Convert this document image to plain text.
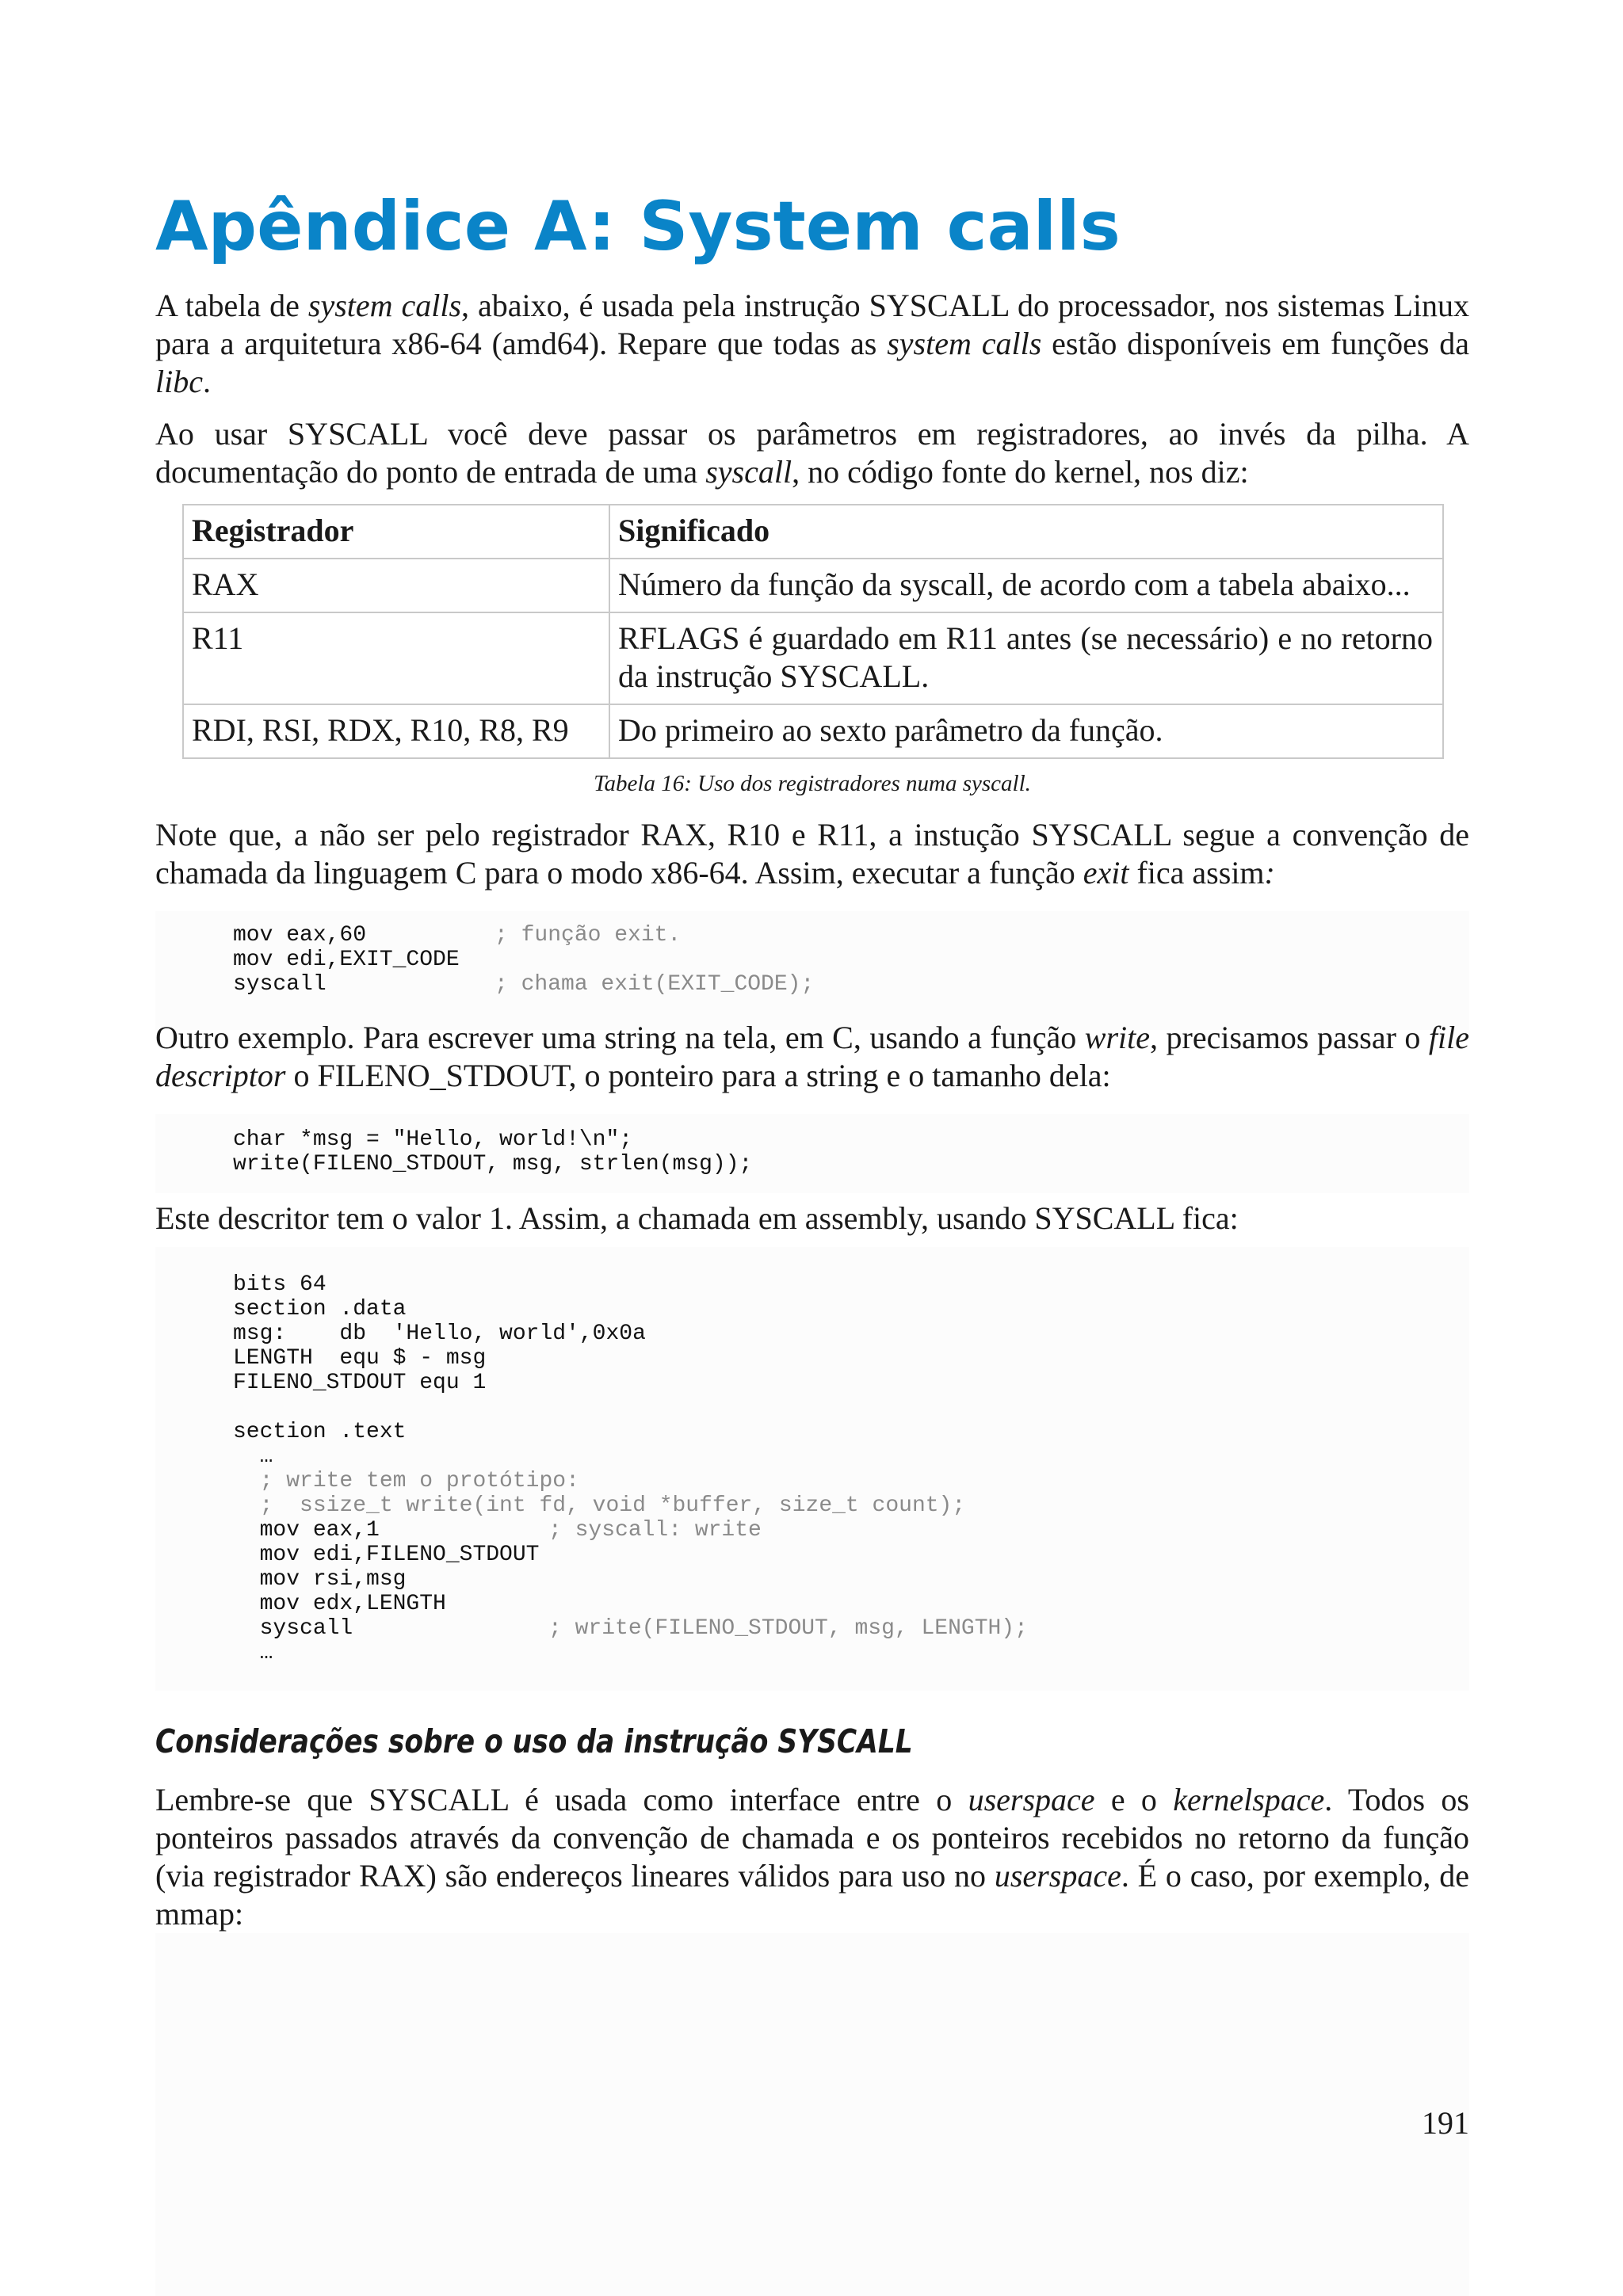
Apêndice A: System calls

A tabela de system calls, abaixo, é usada pela instrução SYSCALL do processador, nos sistemas Linux para a arquitetura x86-64 (amd64). Repare que todas as system calls estão disponíveis em funções da libc.

Ao usar SYSCALL você deve passar os parâmetros em registradores, ao invés da pilha. A documentação do ponto de entrada de uma syscall, no código fonte do kernel, nos diz:

Registrador	Significado
RAX	Número da função da syscall, de acordo com a tabela abaixo...
R11	RFLAGS é guardado em R11 antes (se necessário) e no retorno da instrução SYSCALL.
RDI, RSI, RDX, R10, R8, R9	Do primeiro ao sexto parâmetro da função.
Tabela 16: Uso dos registradores numa syscall.

Note que, a não ser pelo registrador RAX, R10 e R11, a instução SYSCALL segue a convenção de chamada da linguagem C para o modo x86-64. Assim, executar a função exit fica assim:

mov eax,60	; função exit.
mov edi,EXIT_CODE
syscall	; chama exit(EXIT_CODE);

Outro exemplo. Para escrever uma string na tela, em C, usando a função write, precisamos passar o file descriptor o FILENO_STDOUT, o ponteiro para a string e o tamanho dela:

char *msg = "Hello, world!\n";
write(FILENO_STDOUT, msg, strlen(msg));

Este descritor tem o valor 1. Assim, a chamada em assembly, usando SYSCALL fica:

bits 64
section .data
msg:    db  'Hello, world',0x0a
LENGTH  equ $ - msg
FILENO_STDOUT equ 1
section .text
…
; write tem o protótipo:
;  ssize_t write(int fd, void *buffer, size_t count);
mov eax,1	; syscall: write
mov edi,FILENO_STDOUT
mov rsi,msg
mov edx,LENGTH
syscall	; write(FILENO_STDOUT, msg, LENGTH);
…
Considerações sobre o uso da instrução SYSCALL

Lembre-se que SYSCALL é usada como interface entre o userspace e o kernelspace. Todos os ponteiros passados através da convenção de chamada e os ponteiros recebidos no retorno da função (via registrador RAX) são endereços lineares válidos para uso no userspace. É o caso, por exemplo, de mmap:

191
